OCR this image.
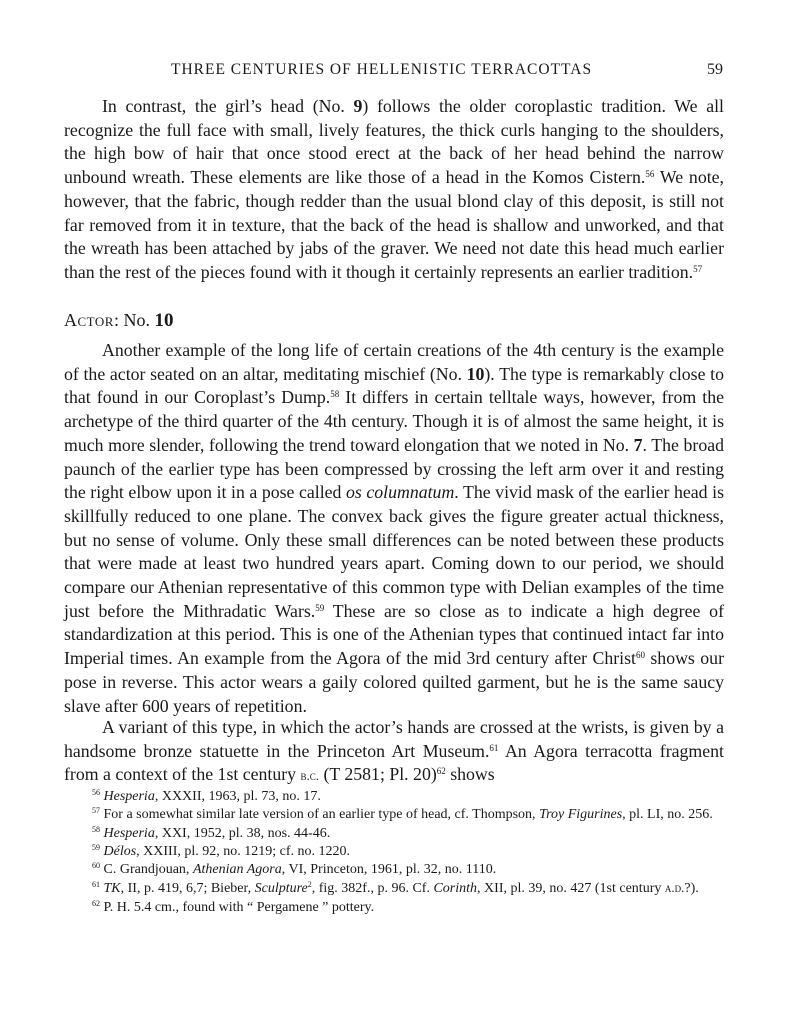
THREE CENTURIES OF HELLENISTIC TERRACOTTAS	59

In contrast, the girl’s head (No. 9) follows the older coroplastic tradition. We all recognize the full face with small, lively features, the thick curls hanging to the shoulders, the high bow of hair that once stood erect at the back of her head behind the narrow unbound wreath. These elements are like those of a head in the Komos Cistern.$^{56}$ We note, however, that the fabric, though redder than the usual blond clay of this deposit, is still not far removed from it in texture, that the back of the head is shallow and unworked, and that the wreath has been attached by jabs of the graver. We need not date this head much earlier than the rest of the pieces found with it though it certainly represents an earlier tradition.$^{57}$

Actor: No. 10

Another example of the long life of certain creations of the 4th century is the example of the actor seated on an altar, meditating mischief (No. 10). The type is remarkably close to that found in our Coroplast’s Dump.$^{58}$ It differs in certain telltale ways, however, from the archetype of the third quarter of the 4th century. Though it is of almost the same height, it is much more slender, following the trend toward elongation that we noted in No. 7. The broad paunch of the earlier type has been compressed by crossing the left arm over it and resting the right elbow upon it in a pose called os columnatum. The vivid mask of the earlier head is skillfully reduced to one plane. The convex back gives the figure greater actual thickness, but no sense of volume. Only these small differences can be noted between these products that were made at least two hundred years apart. Coming down to our period, we should compare our Athenian representative of this common type with Delian examples of the time just before the Mithradatic Wars.$^{59}$ These are so close as to indicate a high degree of standardization at this period. This is one of the Athenian types that continued intact far into Imperial times. An example from the Agora of the mid 3rd century after Christ$^{60}$ shows our pose in reverse. This actor wears a gaily colored quilted garment, but he is the same saucy slave after 600 years of repetition.

A variant of this type, in which the actor’s hands are crossed at the wrists, is given by a handsome bronze statuette in the Princeton Art Museum.$^{61}$ An Agora terracotta fragment from a context of the 1st century b.c. (T 2581; Pl. 20)$^{62}$ shows

$^{56}$ Hesperia, XXXII, 1963, pl. 73, no. 17.

$^{57}$ For a somewhat similar late version of an earlier type of head, cf. Thompson, Troy Figurines, pl. LI, no. 256.

$^{58}$ Hesperia, XXI, 1952, pl. 38, nos. 44-46.

$^{59}$ Délos, XXIII, pl. 92, no. 1219; cf. no. 1220.

$^{60}$ C. Grandjouan, Athenian Agora, VI, Princeton, 1961, pl. 32, no. 1110.

$^{61}$ TK, II, p. 419, 6,7; Bieber, Sculpture$^2$, fig. 382f., p. 96. Cf. Corinth, XII, pl. 39, no. 427 (1st century a.d.?).

$^{62}$ P. H. 5.4 cm., found with “ Pergamene ” pottery.
